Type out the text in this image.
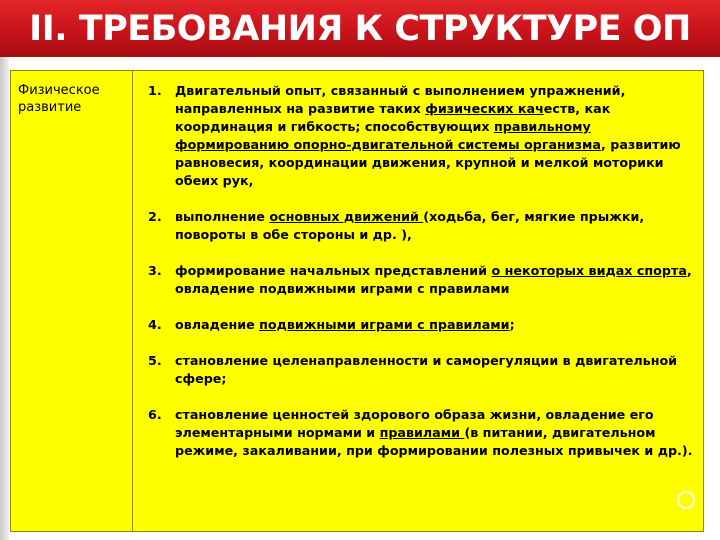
II. ТРЕБОВАНИЯ К СТРУКТУРЕ ОП
Физическое развитие
1.	Двигательный опыт, связанный с выполнением упражнений, направленных на развитие таких физических качеств, как координация и гибкость; способствующих правильному формированию опорно-двигательной системы организма, развитию равновесия, координации движения, крупной и мелкой моторики обеих рук,
2.	выполнение основных движений (ходьба, бег, мягкие прыжки, повороты в обе стороны и др. ),
3.	формирование начальных представлений о некоторых видах спорта, овладение подвижными играми с правилами
4.	овладение подвижными играми с правилами;
5.	становление целенаправленности и саморегуляции в двигательной сфере;
6.	становление ценностей здорового образа жизни, овладение его элементарными нормами и правилами (в питании, двигательном режиме, закаливании, при формировании полезных привычек и др.).
